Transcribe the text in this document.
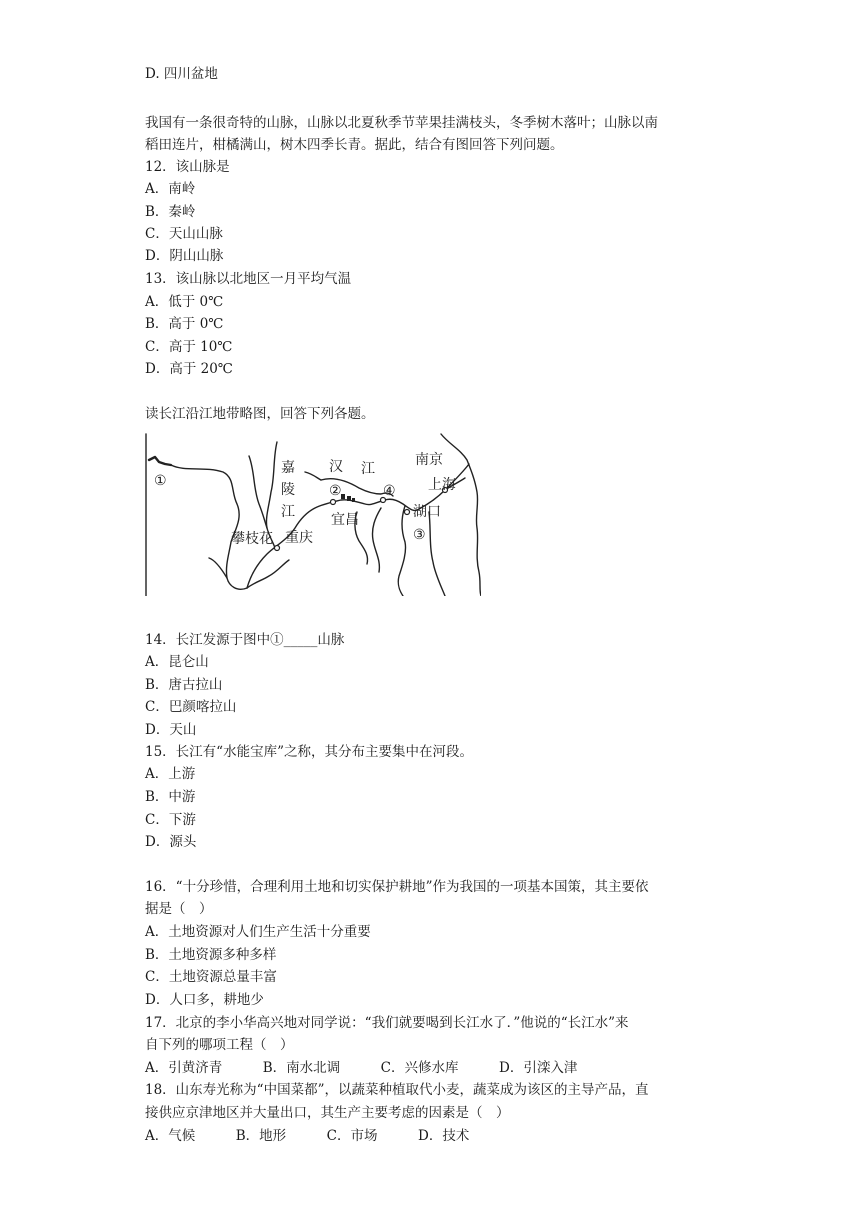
D. 四川盆地
我国有一条很奇特的山脉，山脉以北夏秋季节苹果挂满枝头，冬季树木落叶；山脉以南
稻田连片，柑橘满山，树木四季长青。据此，结合有图回答下列问题。
12．该山脉是
A．南岭
B．秦岭
C．天山山脉
D．阴山山脉
13．该山脉以北地区一月平均气温
A．低于 0℃
B．高于 0℃
C．高于 10℃
D．高于 20℃
读长江沿江地带略图，回答下列各题。
①
嘉
陵
江
汉 江
②	④
南京
上海
宜昌	湖口
③
重庆
攀枝花
14．长江发源于图中①_____山脉
A．昆仑山
B．唐古拉山
C．巴颜喀拉山
D．天山
15．长江有“水能宝库”之称，其分布主要集中在河段。
A．上游
B．中游
C．下游
D．源头
16．“十分珍惜，合理利用土地和切实保护耕地”作为我国的一项基本国策，其主要依
据是（　）
A．土地资源对人们生产生活十分重要
B．土地资源多种多样
C．土地资源总量丰富
D．人口多，耕地少
17．北京的李小华高兴地对同学说：“我们就要喝到长江水了．”他说的“长江水”来
自下列的哪项工程（　）
A．引黄济青　　　B．南水北调　　　C．兴修水库　　　D．引滦入津
18．山东寿光称为“中国菜都”，以蔬菜种植取代小麦，蔬菜成为该区的主导产品，直
接供应京津地区并大量出口，其生产主要考虑的因素是（　）
A．气候　　　B．地形　　　C．市场　　　D．技术
